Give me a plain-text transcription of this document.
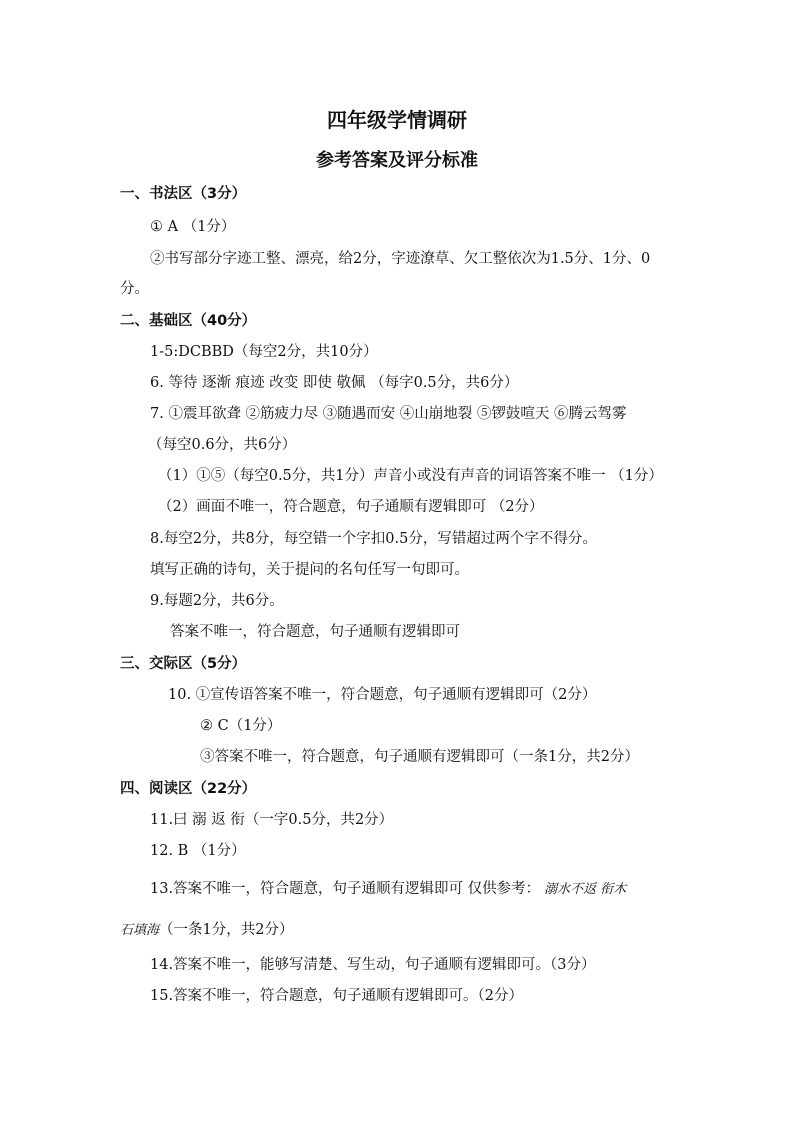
四年级学情调研
参考答案及评分标准
一、书法区（3分）
① A （1分）
②书写部分字迹工整、漂亮，给2分，字迹潦草、欠工整依次为1.5分、1分、0
分。
二、基础区（40分）
1-5:DCBBD（每空2分，共10分）
6. 等待 逐渐 痕迹 改变 即使 敬佩 （每字0.5分，共6分）
7. ①震耳欲聋 ②筋疲力尽 ③随遇而安 ④山崩地裂 ⑤锣鼓喧天 ⑥腾云驾雾
（每空0.6分，共6分）
（1）①⑤（每空0.5分，共1分）声音小或没有声音的词语答案不唯一 （1分）
（2）画面不唯一，符合题意，句子通顺有逻辑即可 （2分）
8.每空2分，共8分，每空错一个字扣0.5分，写错超过两个字不得分。
填写正确的诗句，关于提问的名句任写一句即可。
9.每题2分，共6分。
答案不唯一，符合题意，句子通顺有逻辑即可
三、交际区（5分）
10. ①宣传语答案不唯一，符合题意，句子通顺有逻辑即可（2分）
② C（1分）
③答案不唯一，符合题意，句子通顺有逻辑即可（一条1分，共2分）
四、阅读区（22分）
11.曰 溺 返 衔（一字0.5分，共2分）
12. B （1分）
13.答案不唯一，符合题意，句子通顺有逻辑即可 仅供参考： 溺水不返 衔木
石填海（一条1分，共2分）
14.答案不唯一，能够写清楚、写生动，句子通顺有逻辑即可。（3分）
15.答案不唯一，符合题意，句子通顺有逻辑即可。（2分）
